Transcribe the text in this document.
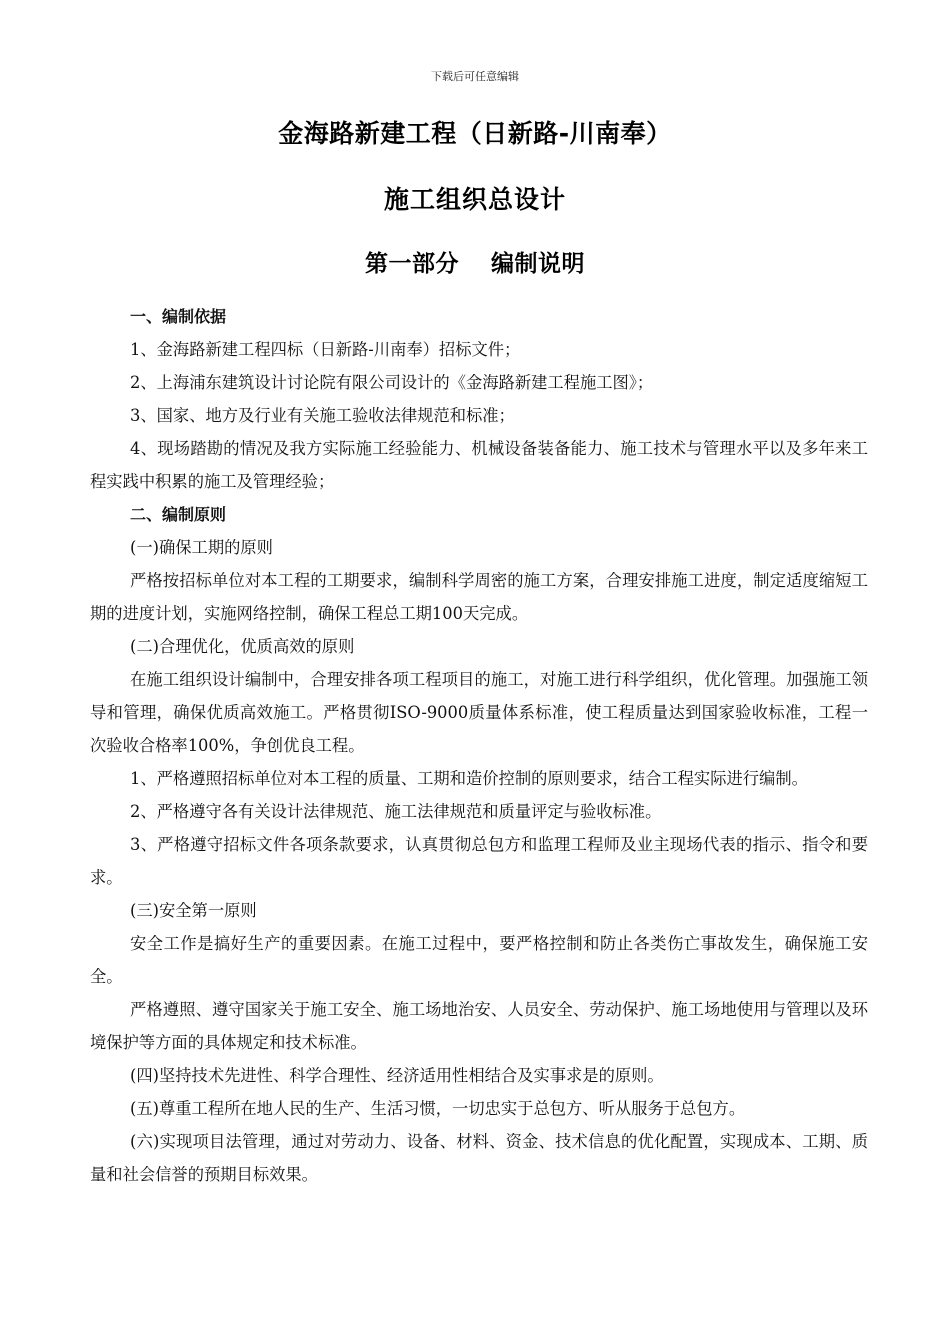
下载后可任意编辑
金海路新建工程（日新路-川南奉）
施工组织总设计
第一部分　 编制说明

一、编制依据

1、金海路新建工程四标（日新路-川南奉）招标文件；

2、上海浦东建筑设计讨论院有限公司设计的《金海路新建工程施工图》；

3、国家、地方及行业有关施工验收法律规范和标准；

4、现场踏勘的情况及我方实际施工经验能力、机械设备装备能力、施工技术与管理水平以及多年来工程实践中积累的施工及管理经验；

二、编制原则

(一)确保工期的原则

严格按招标单位对本工程的工期要求，编制科学周密的施工方案，合理安排施工进度，制定适度缩短工期的进度计划，实施网络控制，确保工程总工期100天完成。

(二)合理优化，优质高效的原则

在施工组织设计编制中，合理安排各项工程项目的施工，对施工进行科学组织，优化管理。加强施工领导和管理，确保优质高效施工。严格贯彻ISO-9000质量体系标准，使工程质量达到国家验收标准，工程一次验收合格率100%，争创优良工程。

1、严格遵照招标单位对本工程的质量、工期和造价控制的原则要求，结合工程实际进行编制。

2、严格遵守各有关设计法律规范、施工法律规范和质量评定与验收标准。

3、严格遵守招标文件各项条款要求，认真贯彻总包方和监理工程师及业主现场代表的指示、指令和要求。

(三)安全第一原则

安全工作是搞好生产的重要因素。在施工过程中，要严格控制和防止各类伤亡事故发生，确保施工安全。

严格遵照、遵守国家关于施工安全、施工场地治安、人员安全、劳动保护、施工场地使用与管理以及环境保护等方面的具体规定和技术标准。

(四)坚持技术先进性、科学合理性、经济适用性相结合及实事求是的原则。

(五)尊重工程所在地人民的生产、生活习惯，一切忠实于总包方、听从服务于总包方。

(六)实现项目法管理，通过对劳动力、设备、材料、资金、技术信息的优化配置，实现成本、工期、质量和社会信誉的预期目标效果。
